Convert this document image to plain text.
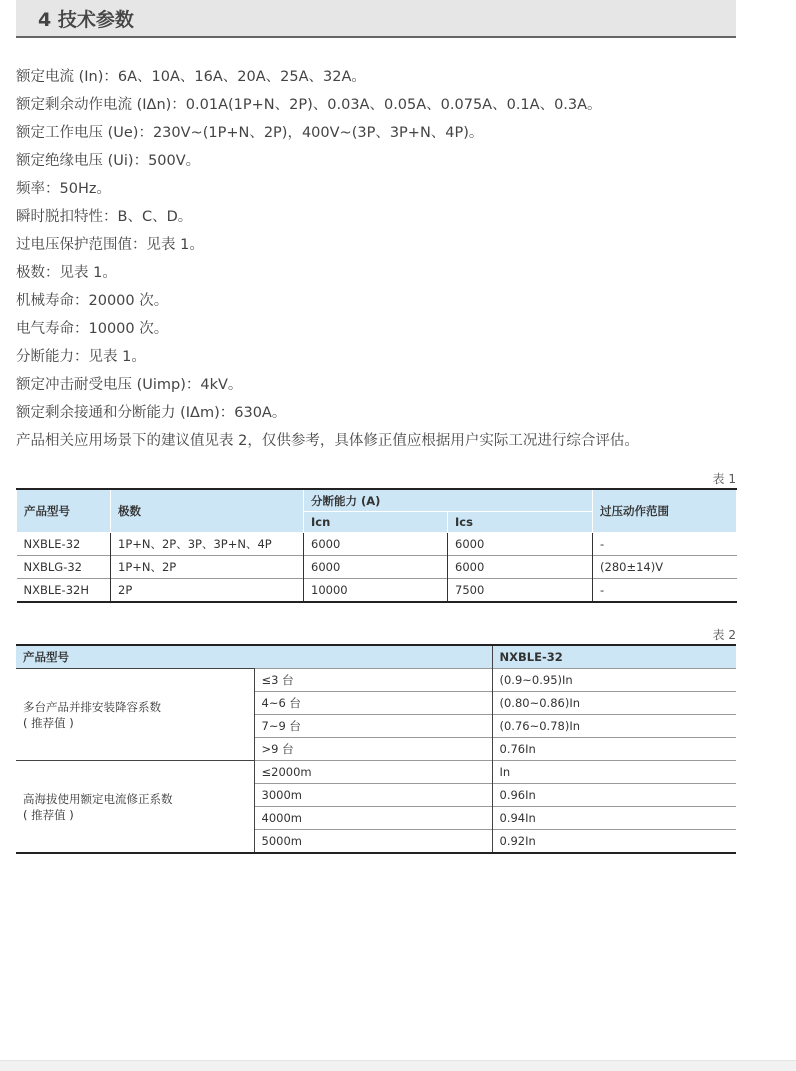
4 技术参数
额定电流 (In)：6A、10A、16A、20A、25A、32A。
额定剩余动作电流 (IΔn)：0.01A(1P+N、2P)、0.03A、0.05A、0.075A、0.1A、0.3A。
额定工作电压 (Ue)：230V~(1P+N、2P)，400V~(3P、3P+N、4P)。
额定绝缘电压 (Ui)：500V。
频率：50Hz。
瞬时脱扣特性：B、C、D。
过电压保护范围值：见表 1。
极数：见表 1。
机械寿命：20000 次。
电气寿命：10000 次。
分断能力：见表 1。
额定冲击耐受电压 (Uimp)：4kV。
额定剩余接通和分断能力 (IΔm)：630A。
产品相关应用场景下的建议值见表 2，仅供参考，具体修正值应根据用户实际工况进行综合评估。
表 1
产品型号	极数	分断能力 (A)		过压动作范围
		Icn	Ics	
NXBLE-32	1P+N、2P、3P、3P+N、4P	6000	6000	-
NXBLG-32	1P+N、2P	6000	6000	(280±14)V
NXBLE-32H	2P	10000	7500	-
表 2
产品型号		NXBLE-32

多台产品并排安装降容系数
( 推荐值 )	≤3 台	(0.9~0.95)In
	4~6 台	(0.80~0.86)In
	7~9 台	(0.76~0.78)In
	>9 台	0.76In

高海拔使用额定电流修正系数
( 推荐值 )	≤2000m	In
	3000m	0.96In
	4000m	0.94In
	5000m	0.92In
